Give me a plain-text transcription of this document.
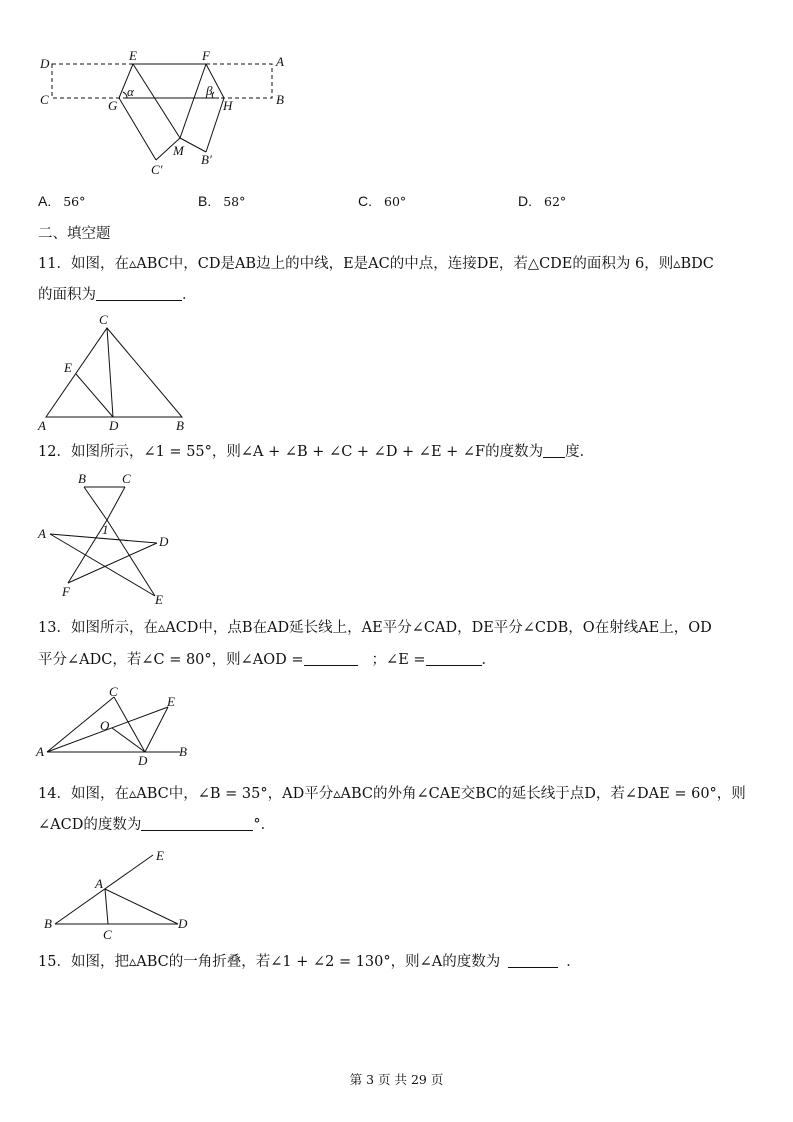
D
C
E	F	A
B
G	H
α	β
M
C′
B′
A. 56°	B. 58°	C. 60°	D. 62°
二、填空题
11．如图，在▵ABC中，CD是AB边上的中线，E是AC的中点，连接DE，若△CDE的面积为 6，则▵BDC
的面积为	．
C
E
A	D	B
12．如图所示，∠1 = 55°，则∠A + ∠B + ∠C + ∠D + ∠E + ∠F的度数为 度．
B	C
1
A
D
F
E
13．如图所示，在▵ACD中，点B在AD延长线上，AE平分∠CAD，DE平分∠CDB，O在射线AE上，OD
平分∠ADC，若∠C = 80°，则∠AOD =	；∠E =	．
C
E
O
A
D
B
14．如图，在▵ABC中，∠B = 35°，AD平分▵ABC的外角∠CAE交BC的延长线于点D，若∠DAE = 60°，则
∠ACD的度数为	°．
E
A
B
C
D
15．如图，把▵ABC的一角折叠，若∠1 + ∠2 = 130°，则∠A的度数为	．
第 3 页 共 29 页
